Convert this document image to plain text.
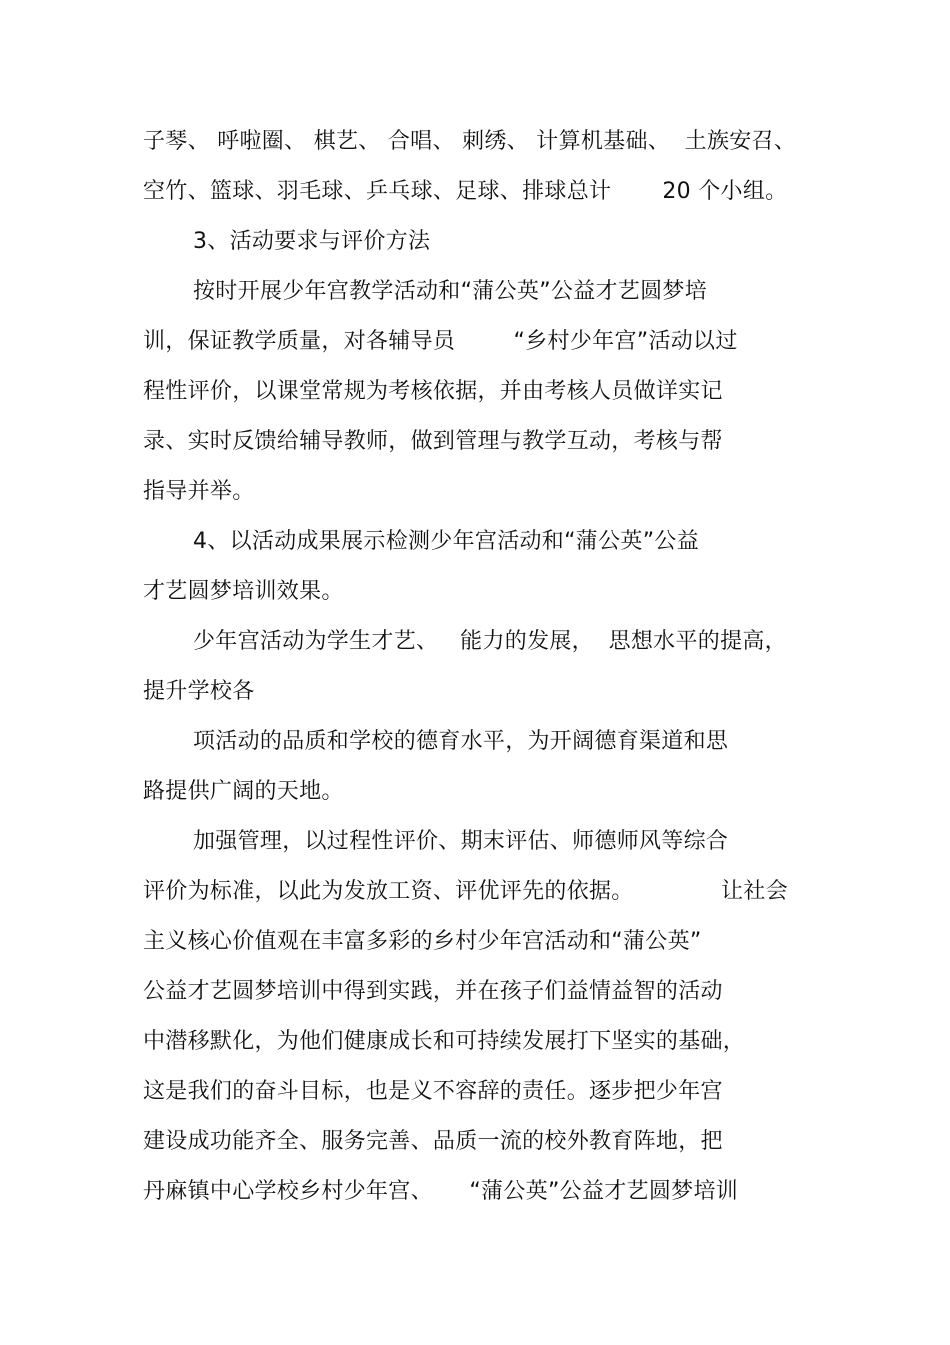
子琴、 呼啦圈、 棋艺、 合唱、 刺绣、 计算机基础、  土族安召、
空竹、篮球、羽毛球、乒乓球、足球、排球总计       20 个小组。
3、活动要求与评价方法
按时开展少年宫教学活动和“蒲公英”公益才艺圆梦培
训，保证教学质量，对各辅导员        “乡村少年宫”活动以过
程性评价，以课堂常规为考核依据，并由考核人员做详实记
录、实时反馈给辅导教师，做到管理与教学互动，考核与帮
指导并举。
4、以活动成果展示检测少年宫活动和“蒲公英”公益
才艺圆梦培训效果。
少年宫活动为学生才艺、   能力的发展，  思想水平的提高，
提升学校各
项活动的品质和学校的德育水平，为开阔德育渠道和思
路提供广阔的天地。
加强管理，以过程性评价、期末评估、师德师风等综合
评价为标准，以此为发放工资、评优评先的依据。            让社会
主义核心价值观在丰富多彩的乡村少年宫活动和“蒲公英”
公益才艺圆梦培训中得到实践，并在孩子们益情益智的活动
中潜移默化，为他们健康成长和可持续发展打下坚实的基础，
这是我们的奋斗目标，也是义不容辞的责任。逐步把少年宫
建设成功能齐全、服务完善、品质一流的校外教育阵地，把
丹麻镇中心学校乡村少年宫、     “蒲公英”公益才艺圆梦培训
